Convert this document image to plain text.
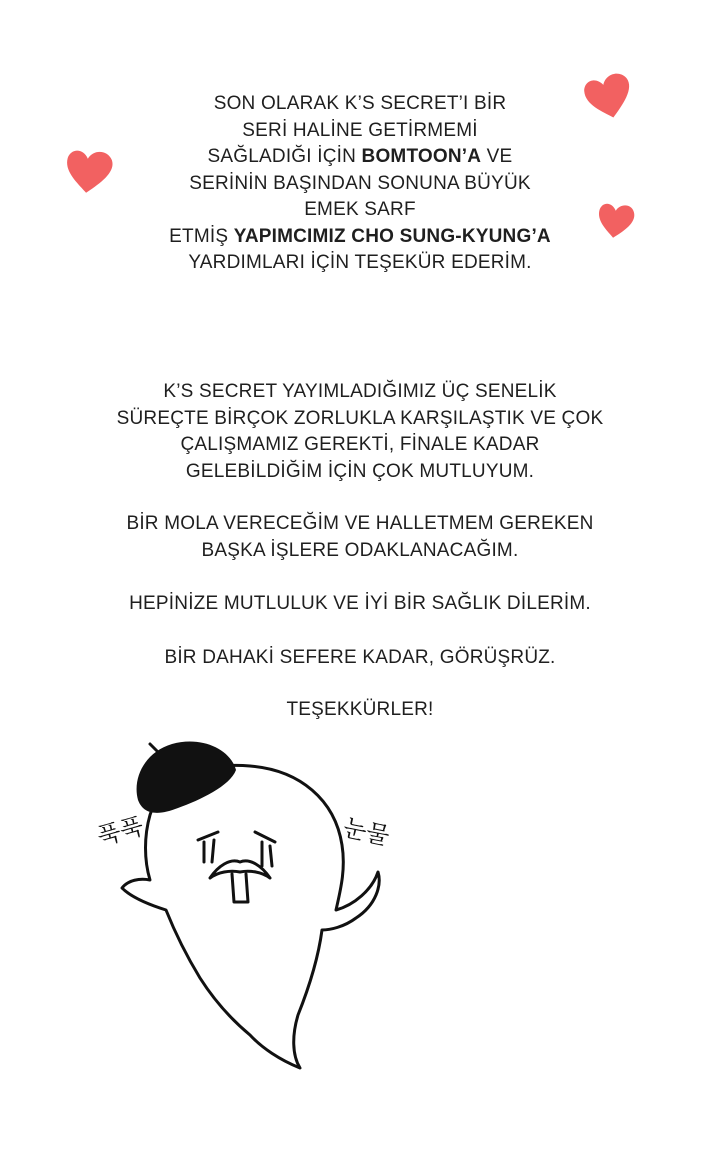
SON OLARAK K’S SECRET’I BİR
SERİ HALİNE GETİRMEMİ
SAĞLADIĞI İÇİN BOMTOON’A VE
SERİNİN BAŞINDAN SONUNA BÜYÜK
EMEK SARF
ETMİŞ YAPIMCIMIZ CHO SUNG-KYUNG’A
YARDIMLARI İÇİN TEŞEKÜR EDERİM.
K’S SECRET YAYIMLADIĞIMIZ ÜÇ SENELİK
SÜREÇTE BİRÇOK ZORLUKLA KARŞILAŞTIK VE ÇOK
ÇALIŞMAMIZ GEREKTİ, FİNALE KADAR
GELEBİLDİĞİM İÇİN ÇOK MUTLUYUM.
BİR MOLA VERECEĞİM VE HALLETMEM GEREKEN
BAŞKA İŞLERE ODAKLANACAĞIM.
HEPİNİZE MUTLULUK VE İYİ BİR SAĞLIK DİLERİM.
BİR DAHAKİ SEFERE KADAR, GÖRÜŞRÜZ.
TEŞEKKÜRLER!
푹푹	눈물
